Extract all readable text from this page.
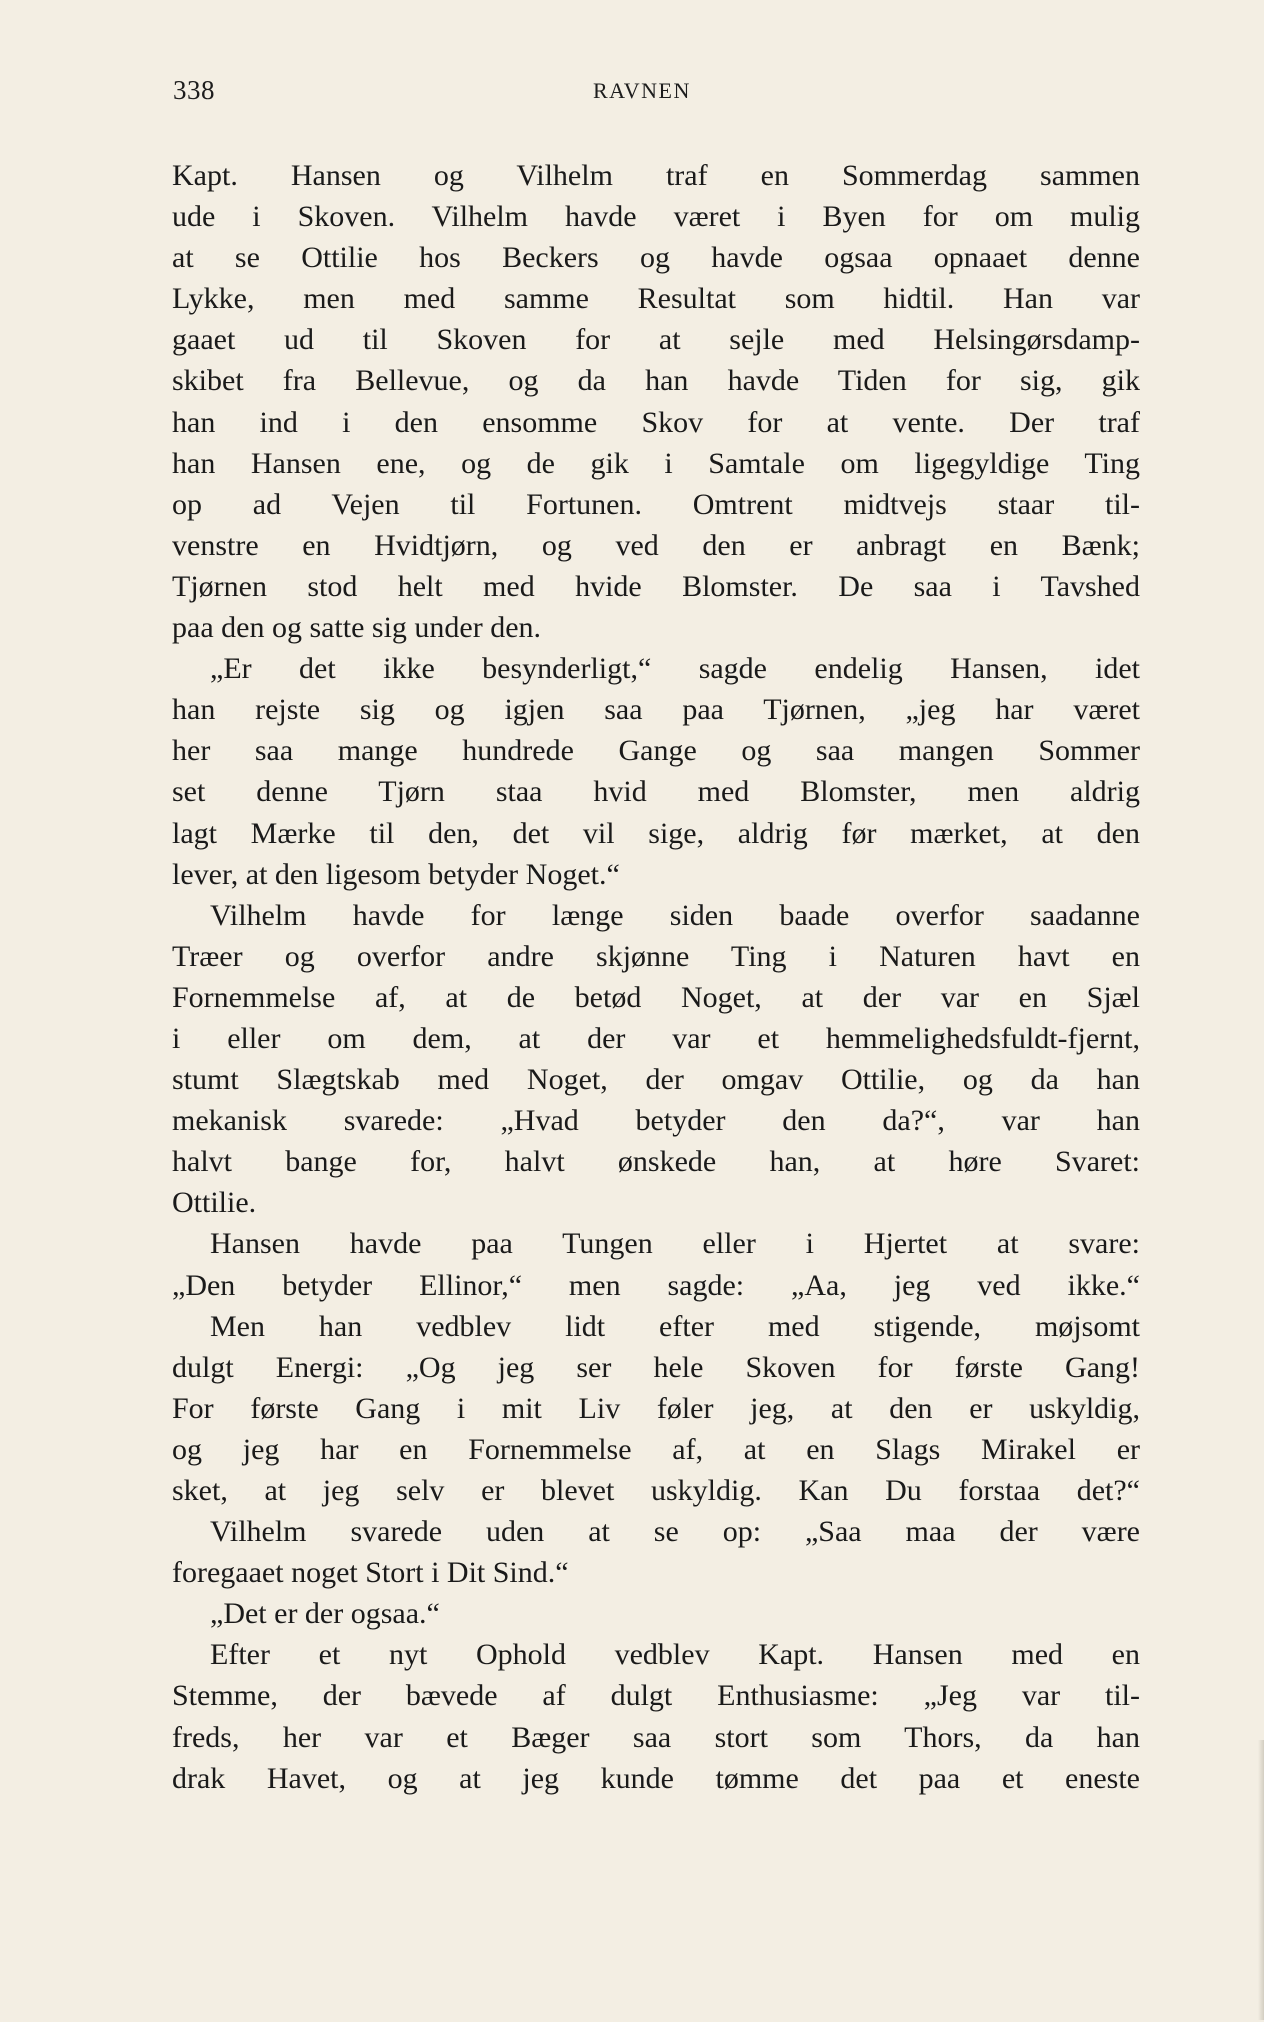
338	RAVNEN
Kapt. Hansen og Vilhelm traf en Sommerdag sammen
ude i Skoven. Vilhelm havde været i Byen for om mulig
at se Ottilie hos Beckers og havde ogsaa opnaaet denne
Lykke, men med samme Resultat som hidtil. Han var
gaaet ud til Skoven for at sejle med Helsingørsdamp-
skibet fra Bellevue, og da han havde Tiden for sig, gik
han ind i den ensomme Skov for at vente. Der traf
han Hansen ene, og de gik i Samtale om ligegyldige Ting
op ad Vejen til Fortunen. Omtrent midtvejs staar til-
venstre en Hvidtjørn, og ved den er anbragt en Bænk;
Tjørnen stod helt med hvide Blomster. De saa i Tavshed
paa den og satte sig under den.
„Er det ikke besynderligt,“ sagde endelig Hansen, idet
han rejste sig og igjen saa paa Tjørnen, „jeg har været
her saa mange hundrede Gange og saa mangen Sommer
set denne Tjørn staa hvid med Blomster, men aldrig
lagt Mærke til den, det vil sige, aldrig før mærket, at den
lever, at den ligesom betyder Noget.“
Vilhelm havde for længe siden baade overfor saadanne
Træer og overfor andre skjønne Ting i Naturen havt en
Fornemmelse af, at de betød Noget, at der var en Sjæl
i eller om dem, at der var et hemmelighedsfuldt-fjernt,
stumt Slægtskab med Noget, der omgav Ottilie, og da han
mekanisk svarede: „Hvad betyder den da?“, var han
halvt bange for, halvt ønskede han, at høre Svaret:
Ottilie.
Hansen havde paa Tungen eller i Hjertet at svare:
„Den betyder Ellinor,“ men sagde: „Aa, jeg ved ikke.“
Men han vedblev lidt efter med stigende, møjsomt
dulgt Energi: „Og jeg ser hele Skoven for første Gang!
For første Gang i mit Liv føler jeg, at den er uskyldig,
og jeg har en Fornemmelse af, at en Slags Mirakel er
sket, at jeg selv er blevet uskyldig. Kan Du forstaa det?“
Vilhelm svarede uden at se op: „Saa maa der være
foregaaet noget Stort i Dit Sind.“
„Det er der ogsaa.“
Efter et nyt Ophold vedblev Kapt. Hansen med en
Stemme, der bævede af dulgt Enthusiasme: „Jeg var til-
freds, her var et Bæger saa stort som Thors, da han
drak Havet, og at jeg kunde tømme det paa et eneste
